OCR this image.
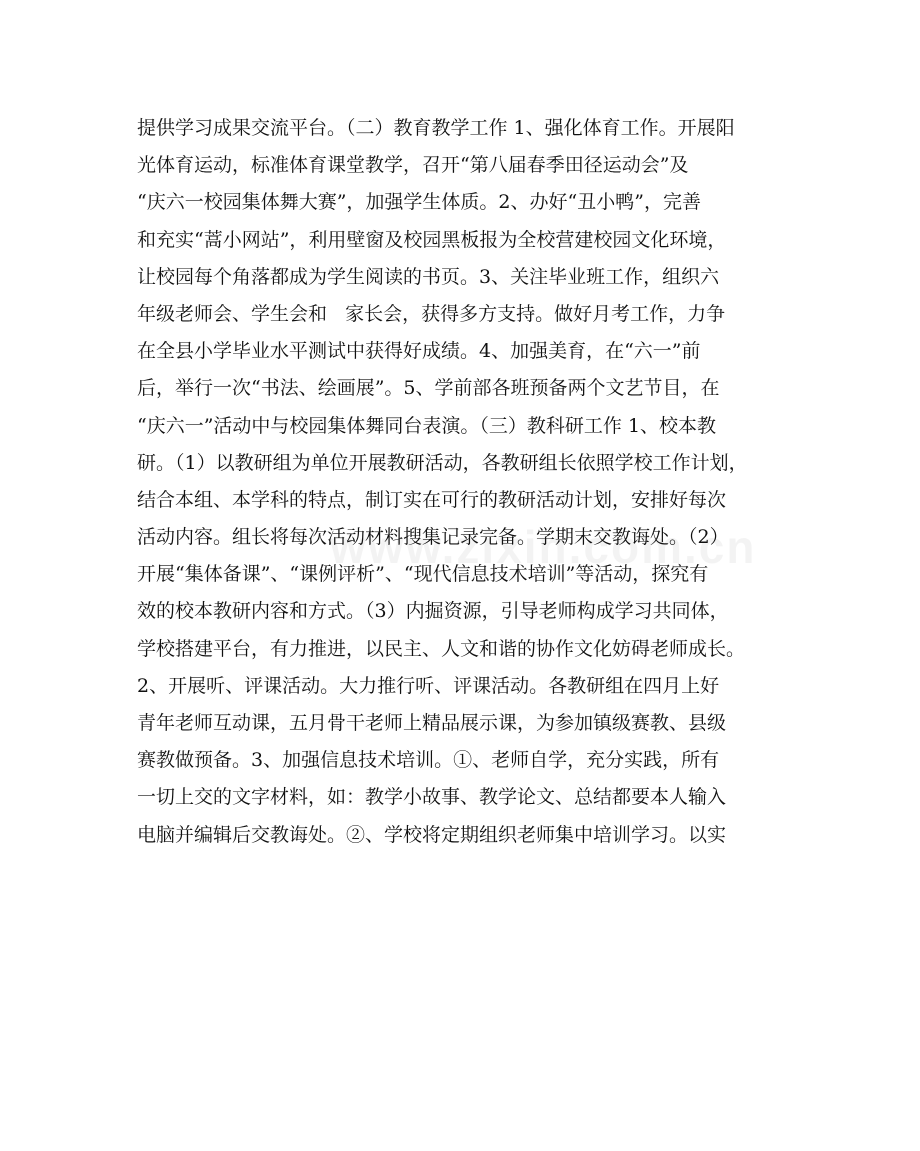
提供学习成果交流平台。（二）教育教学工作 1、强化体育工作。开展阳
光体育运动，标准体育课堂教学，召开“第八届春季田径运动会”及
“庆六一校园集体舞大赛”，加强学生体质。2、办好“丑小鸭”，完善
和充实“蒿小网站”，利用壁窗及校园黑板报为全校营建校园文化环境，
让校园每个角落都成为学生阅读的书页。3、关注毕业班工作，组织六
年级老师会、学生会和   家长会，获得多方支持。做好月考工作，力争
在全县小学毕业水平测试中获得好成绩。4、加强美育，在“六一”前
后，举行一次“书法、绘画展”。5、学前部各班预备两个文艺节目，在
“庆六一”活动中与校园集体舞同台表演。（三）教科研工作 1、校本教
研。（1）以教研组为单位开展教研活动，各教研组长依照学校工作计划，
结合本组、本学科的特点，制订实在可行的教研活动计划，安排好每次
活动内容。组长将每次活动材料搜集记录完备。学期末交教诲处。（2）
开展“集体备课”、“课例评析”、“现代信息技术培训”等活动，探究有
效的校本教研内容和方式。（3）内掘资源，引导老师构成学习共同体，
学校搭建平台，有力推进，以民主、人文和谐的协作文化妨碍老师成长。
2、开展听、评课活动。大力推行听、评课活动。各教研组在四月上好
青年老师互动课，五月骨干老师上精品展示课，为参加镇级赛教、县级
赛教做预备。3、加强信息技术培训。①、老师自学，充分实践，所有
一切上交的文字材料，如：教学小故事、教学论文、总结都要本人输入
电脑并编辑后交教诲处。②、学校将定期组织老师集中培训学习。以实
